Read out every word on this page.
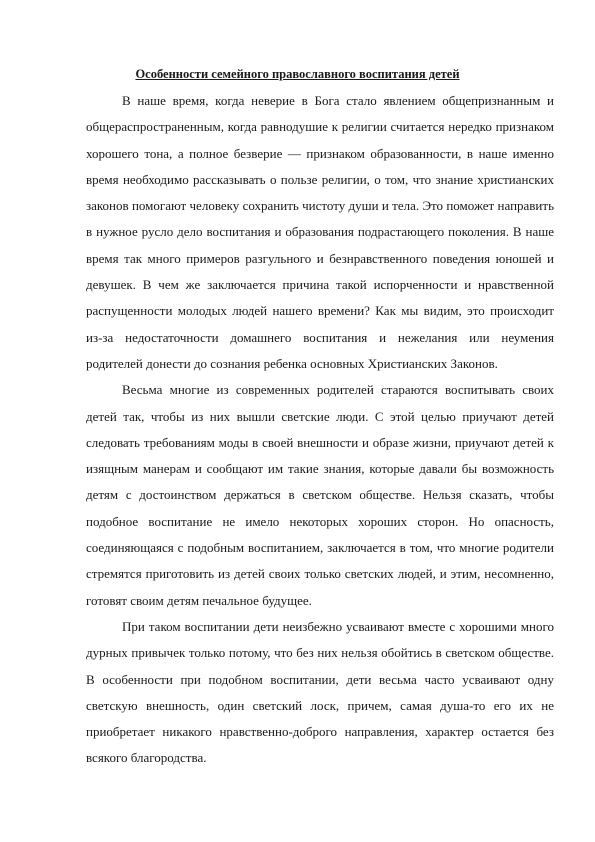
Особенности семейного православного воспитания детей

В наше время, когда неверие в Бога стало явлением общепризнанным и общераспространенным, когда равнодушие к религии считается нередко признаком хорошего тона, а полное безверие — признаком образованности, в наше именно время необходимо рассказывать о пользе религии, о том, что знание христианских законов помогают человеку сохранить чистоту души и тела. Это поможет направить в нужное русло дело воспитания и образования подрастающего поколения. В наше время так много примеров разгульного и безнравственного поведения юношей и девушек. В чем же заключается причина такой испорченности и нравственной распущенности молодых людей нашего времени? Как мы видим, это происходит из-за недостаточности домашнего воспитания и нежелания или неумения родителей донести до сознания ребенка основных Христианских Законов.

Весьма многие из современных родителей стараются воспитывать своих детей так, чтобы из них вышли светские люди. С этой целью приучают детей следовать требованиям моды в своей внешности и образе жизни, приучают детей к изящным манерам и сообщают им такие знания, которые давали бы возможность детям с достоинством держаться в светском обществе. Нельзя сказать, чтобы подобное воспитание не имело некоторых хороших сторон. Но опасность, соединяющаяся с подобным воспитанием, заключается в том, что многие родители стремятся приготовить из детей своих только светских людей, и этим, несомненно, готовят своим детям печальное будущее.

При таком воспитании дети неизбежно усваивают вместе с хорошими много дурных привычек только потому, что без них нельзя обойтись в светском обществе. В особенности при подобном воспитании, дети весьма часто усваивают одну светскую внешность, один светский лоск, причем, самая душа-то его их не приобретает никакого нравственно-доброго направления, характер остается без всякого благородства.
